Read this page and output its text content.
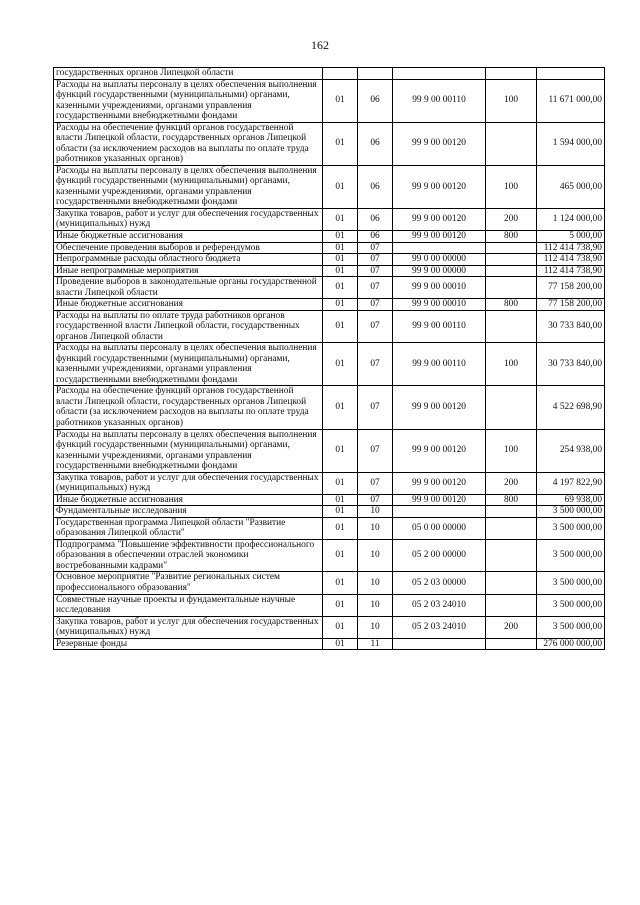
162
государственных органов Липецкой области					
Расходы на выплаты персоналу в целях обеспечения выполнения функций государственными (муниципальными) органами, казенными учреждениями, органами управления государственными внебюджетными фондами	01	06	99 9 00 00110	100	11 671 000,00
Расходы на обеспечение функций органов государственной власти Липецкой области, государственных органов Липецкой области (за исключением расходов на выплаты по оплате труда работников указанных органов)	01	06	99 9 00 00120		1 594 000,00
Расходы на выплаты персоналу в целях обеспечения выполнения функций государственными (муниципальными) органами, казенными учреждениями, органами управления государственными внебюджетными фондами	01	06	99 9 00 00120	100	465 000,00
Закупка товаров, работ и услуг для обеспечения государственных (муниципальных) нужд	01	06	99 9 00 00120	200	1 124 000,00
Иные бюджетные ассигнования	01	06	99 9 00 00120	800	5 000,00
Обеспечение проведения выборов и референдумов	01	07			112 414 738,90
Непрограммные расходы областного бюджета	01	07	99 0 00 00000		112 414 738,90
Иные непрограммные мероприятия	01	07	99 9 00 00000		112 414 738,90
Проведение выборов в законодательные органы государственной власти Липецкой области	01	07	99 9 00 00010		77 158 200,00
Иные бюджетные ассигнования	01	07	99 9 00 00010	800	77 158 200,00
Расходы на выплаты по оплате труда работников органов государственной власти Липецкой области, государственных органов Липецкой области	01	07	99 9 00 00110		30 733 840,00
Расходы на выплаты персоналу в целях обеспечения выполнения функций государственными (муниципальными) органами, казенными учреждениями, органами управления государственными внебюджетными фондами	01	07	99 9 00 00110	100	30 733 840,00
Расходы на обеспечение функций органов государственной власти Липецкой области, государственных органов Липецкой области (за исключением расходов на выплаты по оплате труда работников указанных органов)	01	07	99 9 00 00120		4 522 698,90
Расходы на выплаты персоналу в целях обеспечения выполнения функций государственными (муниципальными) органами, казенными учреждениями, органами управления государственными внебюджетными фондами	01	07	99 9 00 00120	100	254 938,00
Закупка товаров, работ и услуг для обеспечения государственных (муниципальных) нужд	01	07	99 9 00 00120	200	4 197 822,90
Иные бюджетные ассигнования	01	07	99 9 00 00120	800	69 938,00
Фундаментальные исследования	01	10			3 500 000,00
Государственная программа Липецкой области "Развитие образования Липецкой области"	01	10	05 0 00 00000		3 500 000,00
Подпрограмма "Повышение эффективности профессионального образования в обеспечении отраслей экономики востребованными кадрами"	01	10	05 2 00 00000		3 500 000,00
Основное мероприятие "Развитие региональных систем профессионального образования"	01	10	05 2 03 00000		3 500 000,00
Совместные научные проекты и фундаментальные научные исследования	01	10	05 2 03 24010		3 500 000,00
Закупка товаров, работ и услуг для обеспечения государственных (муниципальных) нужд	01	10	05 2 03 24010	200	3 500 000,00
Резервные фонды	01	11			276 000 000,00
